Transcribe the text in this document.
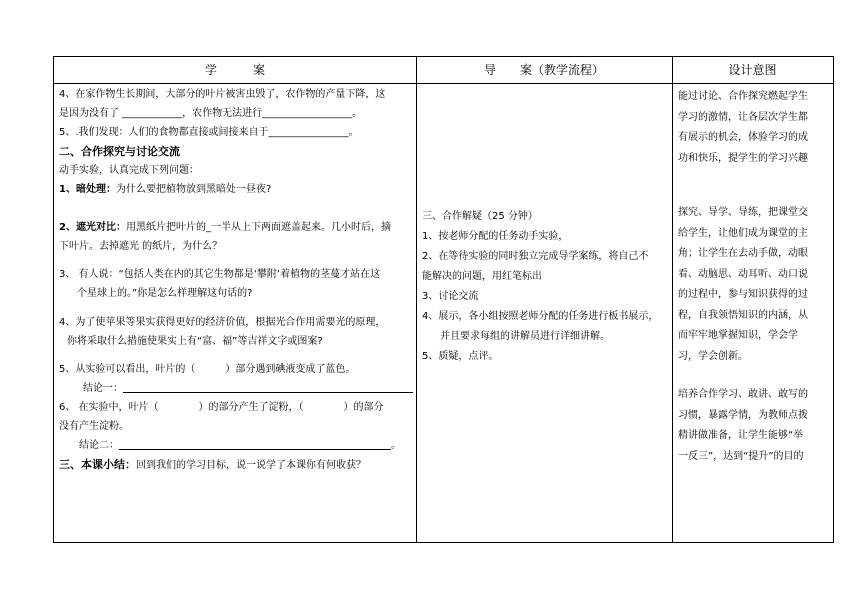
学　　　案	导　　案（教学流程）	设计意图

4、在家作物生长期间，大部分的叶片被害虫毁了，农作物的产量下降，这

是因为没有了 ____________，农作物无法进行__________________。

5、.我们发现：人们的食物都直接或间接来自于________________。

二、合作探究与讨论交流

动手实验，认真完成下列问题：

1、暗处理：为什么要把植物放到黑暗处一昼夜?

2、遮光对比：用黑纸片把叶片的_一半从上下两面遮盖起来。几小时后，摘

下叶片。去掉遮光 的纸片，为什么？

3、 有人说：“包括人类在内的其它生物都是‘攀附’着植物的茎蔓才站在这

个星球上的。”你是怎么样理解这句话的?

4、为了使苹果等果实获得更好的经济价值，根据光合作用需要光的原理，

你将采取什么措施使果实上有“富、福”等吉祥文字或图案?

5、从实验可以看出，叶片的（　　　）部分遇到碘液变成了蓝色。

结论一：

6、 在实验中，叶片（　　　　）的部分产生了淀粉，（　　　　）的部分

没有产生淀粉。

结论二：	。

三、本课小结：回到我们的学习目标，说一说学了本课你有何收获？

三、合作解疑（25 分钟）

1、按老师分配的任务动手实验，

2、在等待实验的同时独立完成导学案练，将自己不

能解决的问题，用红笔标出

3、讨论交流

4、展示，各小组按照老师分配的任务进行板书展示，

并且要求每组的讲解员进行详细讲解。

5、质疑，点评。

能过讨论、合作探究燃起学生学习的激情，让各层次学生都有展示的机会，体验学习的成功和快乐，提学生的学习兴趣

探究、导学、导练，把课堂交给学生，让他们成为课堂的主角；让学生在去动手做，动眼看、动脑思、动耳听、动口说的过程中，参与知识获得的过程，自我领悟知识的内涵，从而牢牢地掌握知识，学会学习，学会创新。

培养合作学习、敢讲、敢写的习惯，暴露学情，为教师点拨精讲做准备，让学生能够“举一反三”，达到“提升”的目的
